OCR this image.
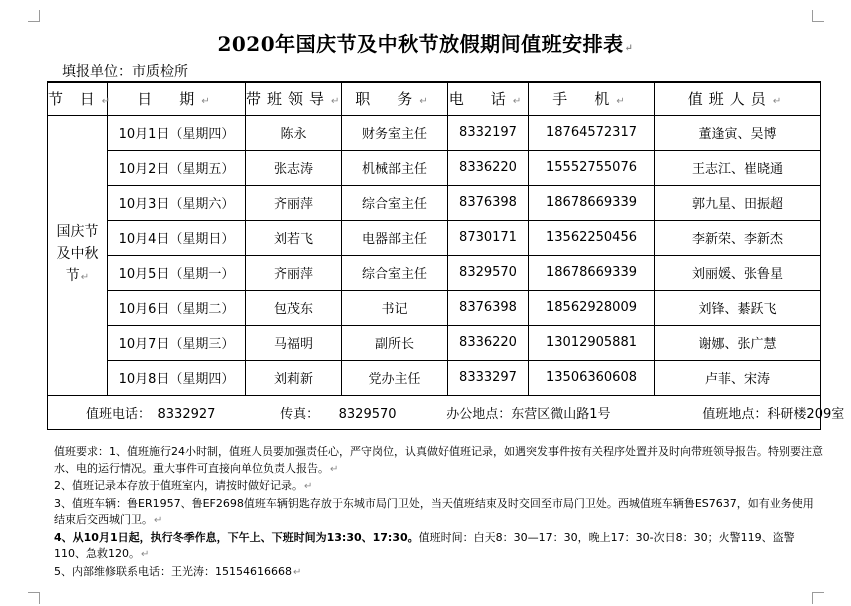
2020年国庆节及中秋节放假期间值班安排表↵
填报单位：市质检所
节 日↵	日　期↵	带班领导↵	职　务↵	电　话↵	手　机↵	值班人员↵
国庆节及中秋节↵	10月1日（星期四）	陈永	财务室主任	8332197	18764572317	董逢寅、吴博
	10月2日（星期五）	张志涛	机械部主任	8336220	15552755076	王志江、崔晓通
	10月3日（星期六）	齐丽萍	综合室主任	8376398	18678669339	郭九星、田振超
	10月4日（星期日）	刘若飞	电器部主任	8730171	13562250456	李新荣、李新杰
	10月5日（星期一）	齐丽萍	综合室主任	8329570	18678669339	刘丽媛、张鲁星
	10月6日（星期二）	包茂东	书记	8376398	18562928009	刘锋、綦跃飞
	10月7日（星期三）	马福明	副所长	8336220	13012905881	谢娜、张广慧
	10月8日（星期四）	刘莉新	党办主任	8333297	13506360608	卢菲、宋涛
值班电话：　8332927 传真：　　8329570 办公地点：东营区微山路1号 值班地点：科研楼209室						
值班要求：1、值班施行24小时制，值班人员要加强责任心，严守岗位，认真做好值班记录，如遇突发事件按有关程序处置并及时向带班领导报告。特别要注意水、电的运行情况。重大事件可直接向单位负责人报告。↵
2、值班记录本存放于值班室内，请按时做好记录。↵
3、值班车辆：鲁ER1957、鲁EF2698值班车辆钥匙存放于东城市局门卫处，当天值班结束及时交回至市局门卫处。西城值班车辆鲁ES7637，如有业务使用结束后交西城门卫。↵
4、从10月1日起，执行冬季作息，下午上、下班时间为13:30、17:30。值班时间：白天8：30—17：30，晚上17：30-次日8：30；火警119、盗警110、急救120。↵
5、内部维修联系电话：王光涛：15154616668↵
